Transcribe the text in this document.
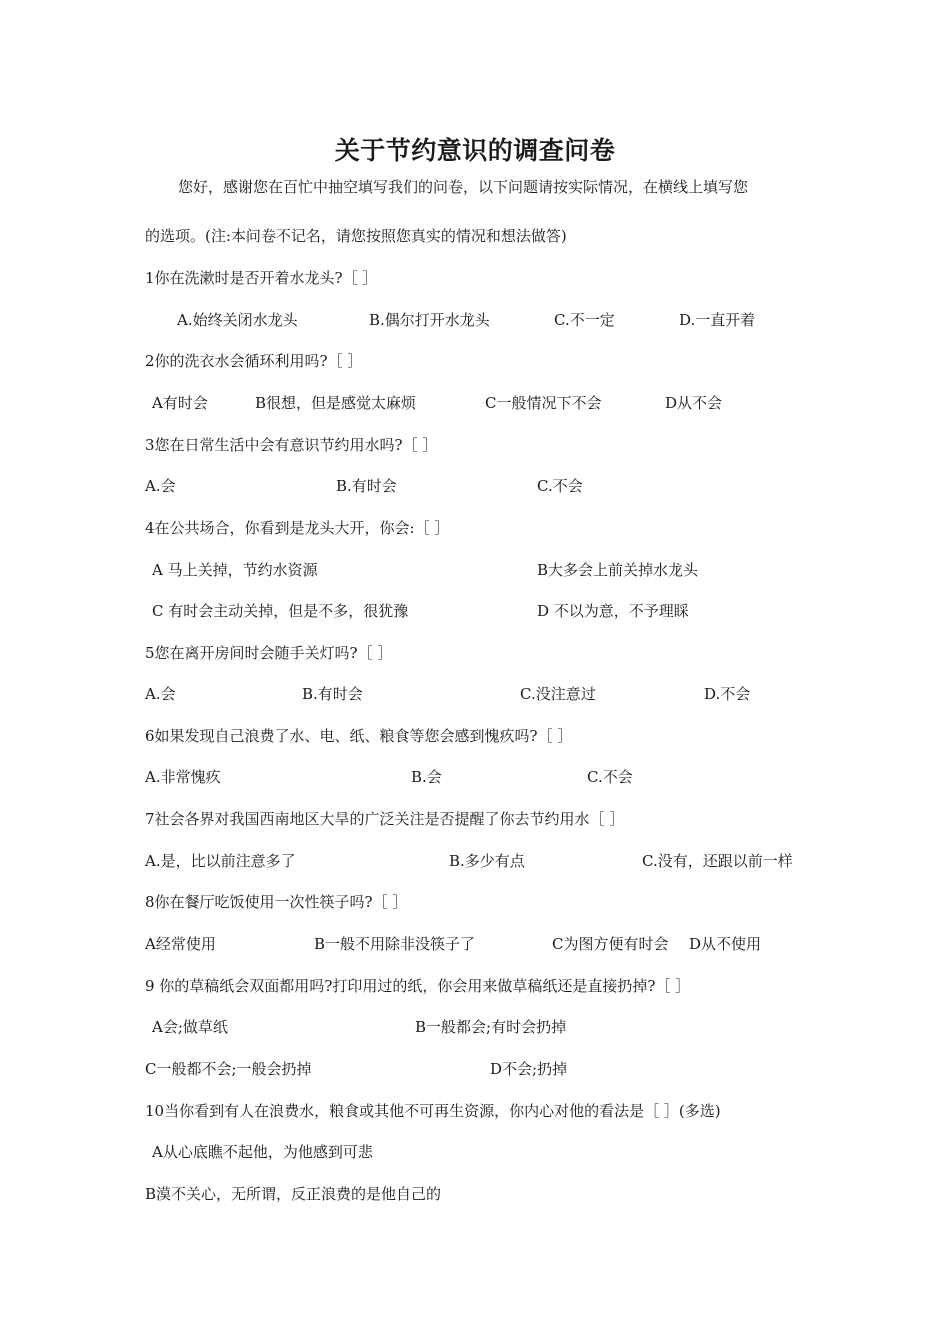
关于节约意识的调查问卷
您好，感谢您在百忙中抽空填写我们的问卷，以下问题请按实际情况，在横线上填写您
的选项。(注:本问卷不记名，请您按照您真实的情况和想法做答)
1你在洗漱时是否开着水龙头?［ ］
A.始终关闭水龙头	B.偶尔打开水龙头	C.不一定	D.一直开着
2你的洗衣水会循环利用吗?［ ］
A有时会	B很想，但是感觉太麻烦	C一般情况下不会	D从不会
3您在日常生活中会有意识节约用水吗?［ ］
A.会	B.有时会	C.不会
4在公共场合，你看到是龙头大开，你会:［ ］
A 马上关掉，节约水资源	B大多会上前关掉水龙头
C 有时会主动关掉，但是不多，很犹豫	D 不以为意，不予理睬
5您在离开房间时会随手关灯吗?［ ］
A.会	B.有时会	C.没注意过	D.不会
6如果发现自己浪费了水、电、纸、粮食等您会感到愧疚吗?［ ］
A.非常愧疚	B.会	C.不会
7社会各界对我国西南地区大旱的广泛关注是否提醒了你去节约用水［ ］
A.是，比以前注意多了	B.多少有点	C.没有，还跟以前一样
8你在餐厅吃饭使用一次性筷子吗?［ ］
A经常使用	B一般不用除非没筷子了	C为图方便有时会 D从不使用
9 你的草稿纸会双面都用吗?打印用过的纸，你会用来做草稿纸还是直接扔掉?［ ］
A会;做草纸	B一般都会;有时会扔掉
C一般都不会;一般会扔掉	D不会;扔掉
10当你看到有人在浪费水，粮食或其他不可再生资源，你内心对他的看法是［ ］(多选)
A从心底瞧不起他，为他感到可悲
B漠不关心，无所谓，反正浪费的是他自己的
